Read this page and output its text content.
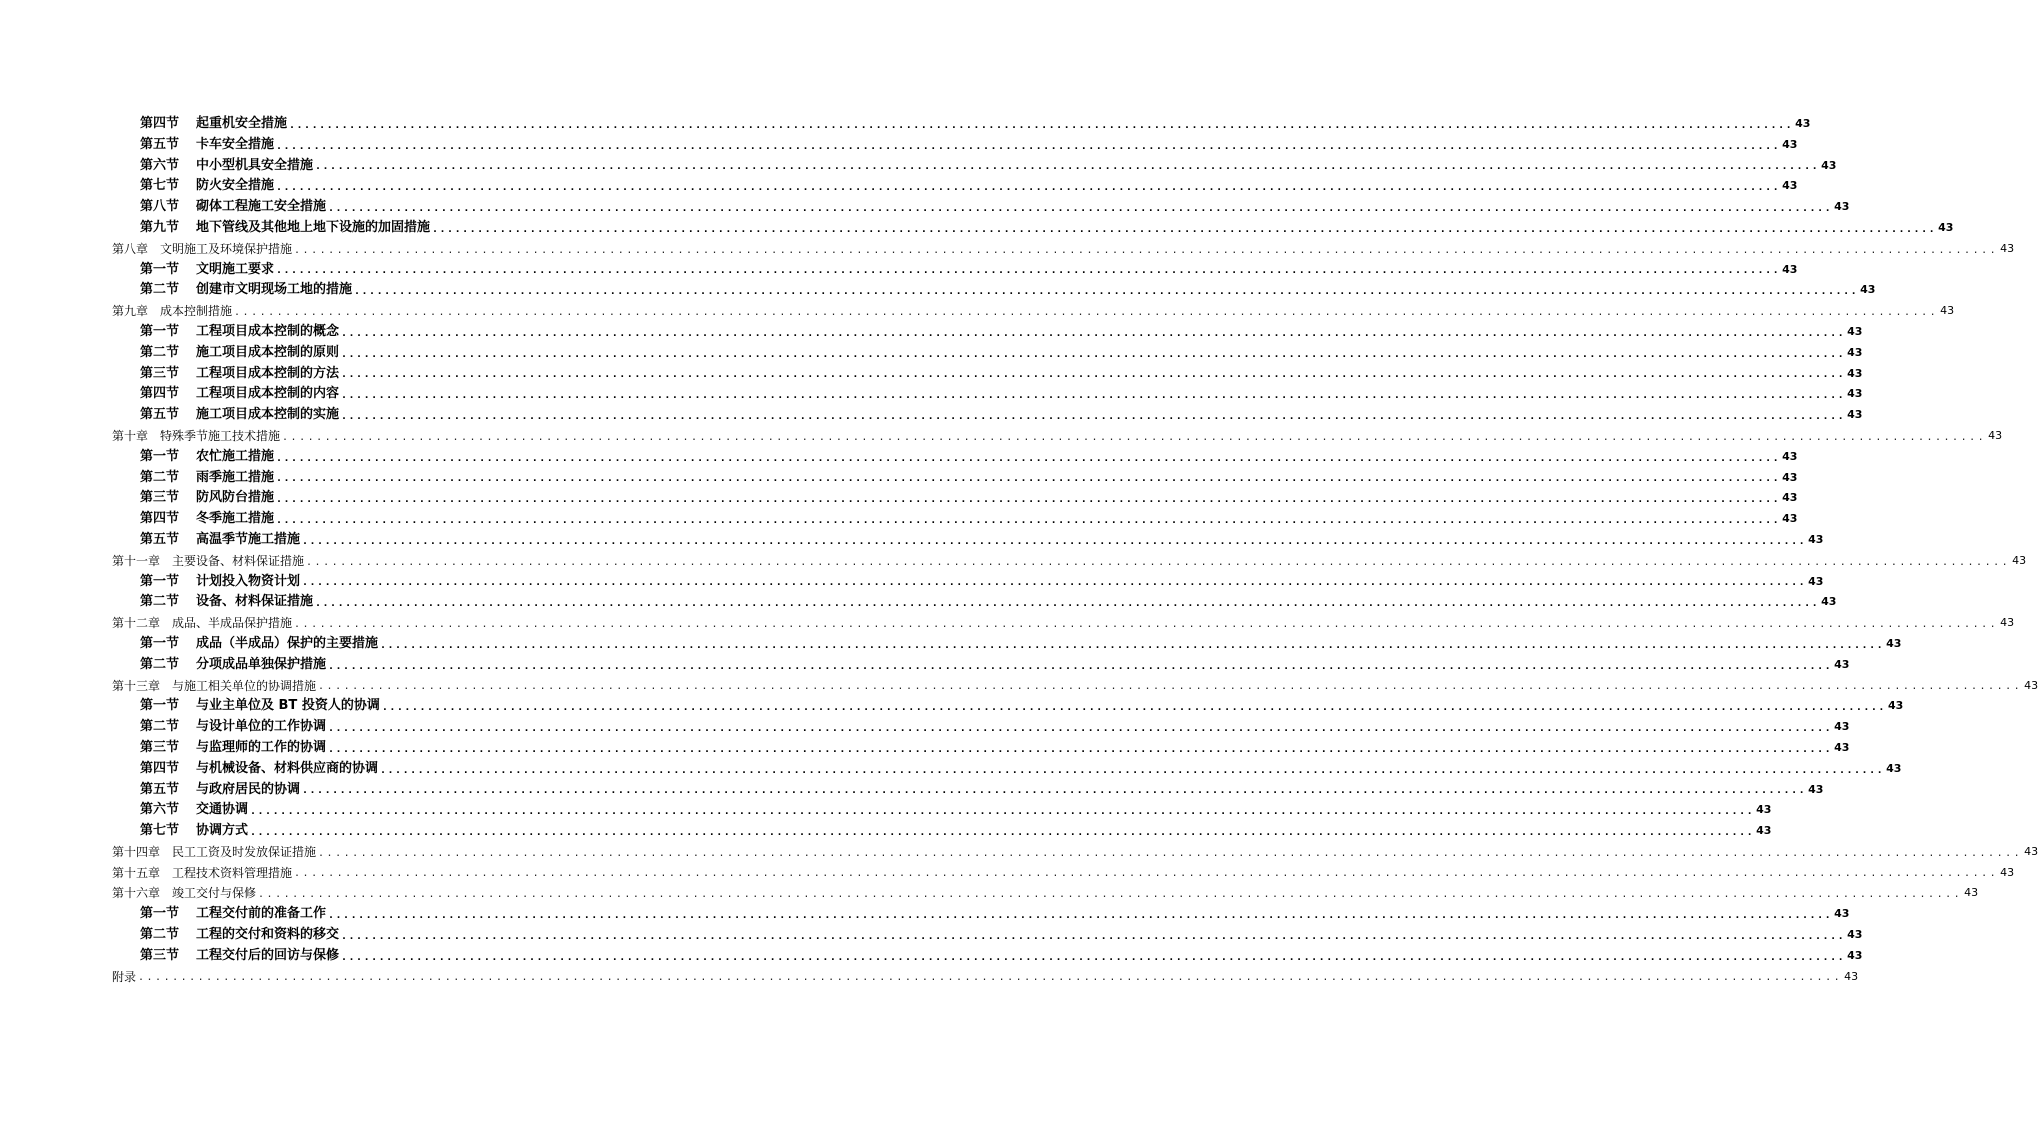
第四节	起重机安全措施 ........................................................................................................................................................................................................ 43
第五节	卡车安全措施 ........................................................................................................................................................................................................ 43
第六节	中小型机具安全措施 ........................................................................................................................................................................................................ 43
第七节	防火安全措施 ........................................................................................................................................................................................................ 43
第八节	砌体工程施工安全措施 ........................................................................................................................................................................................................ 43
第九节	地下管线及其他地上地下设施的加固措施 ........................................................................................................................................................................................................ 43
第八章 文明施工及环境保护措施 ........................................................................................................................................................................................................ 43
第一节	文明施工要求 ........................................................................................................................................................................................................ 43
第二节	创建市文明现场工地的措施 ........................................................................................................................................................................................................ 43
第九章 成本控制措施 ........................................................................................................................................................................................................ 43
第一节	工程项目成本控制的概念 ........................................................................................................................................................................................................ 43
第二节	施工项目成本控制的原则 ........................................................................................................................................................................................................ 43
第三节	工程项目成本控制的方法 ........................................................................................................................................................................................................ 43
第四节	工程项目成本控制的内容 ........................................................................................................................................................................................................ 43
第五节	施工项目成本控制的实施 ........................................................................................................................................................................................................ 43
第十章 特殊季节施工技术措施 ........................................................................................................................................................................................................ 43
第一节	农忙施工措施 ........................................................................................................................................................................................................ 43
第二节	雨季施工措施 ........................................................................................................................................................................................................ 43
第三节	防风防台措施 ........................................................................................................................................................................................................ 43
第四节	冬季施工措施 ........................................................................................................................................................................................................ 43
第五节	高温季节施工措施 ........................................................................................................................................................................................................ 43
第十一章 主要设备、材料保证措施 ........................................................................................................................................................................................................ 43
第一节	计划投入物资计划 ........................................................................................................................................................................................................ 43
第二节	设备、材料保证措施 ........................................................................................................................................................................................................ 43
第十二章 成品、半成品保护措施 ........................................................................................................................................................................................................ 43
第一节	成品（半成品）保护的主要措施 ........................................................................................................................................................................................................ 43
第二节	分项成品单独保护措施 ........................................................................................................................................................................................................ 43
第十三章 与施工相关单位的协调措施 ........................................................................................................................................................................................................ 43
第一节	与业主单位及 BT 投资人的协调 ........................................................................................................................................................................................................ 43
第二节	与设计单位的工作协调 ........................................................................................................................................................................................................ 43
第三节	与监理师的工作的协调 ........................................................................................................................................................................................................ 43
第四节	与机械设备、材料供应商的协调 ........................................................................................................................................................................................................ 43
第五节	与政府居民的协调 ........................................................................................................................................................................................................ 43
第六节	交通协调 ........................................................................................................................................................................................................ 43
第七节	协调方式 ........................................................................................................................................................................................................ 43
第十四章 民工工资及时发放保证措施 ........................................................................................................................................................................................................ 43
第十五章 工程技术资料管理措施 ........................................................................................................................................................................................................ 43
第十六章 竣工交付与保修 ........................................................................................................................................................................................................ 43
第一节	工程交付前的准备工作 ........................................................................................................................................................................................................ 43
第二节	工程的交付和资料的移交 ........................................................................................................................................................................................................ 43
第三节	工程交付后的回访与保修 ........................................................................................................................................................................................................ 43
附录 ........................................................................................................................................................................................................ 43
